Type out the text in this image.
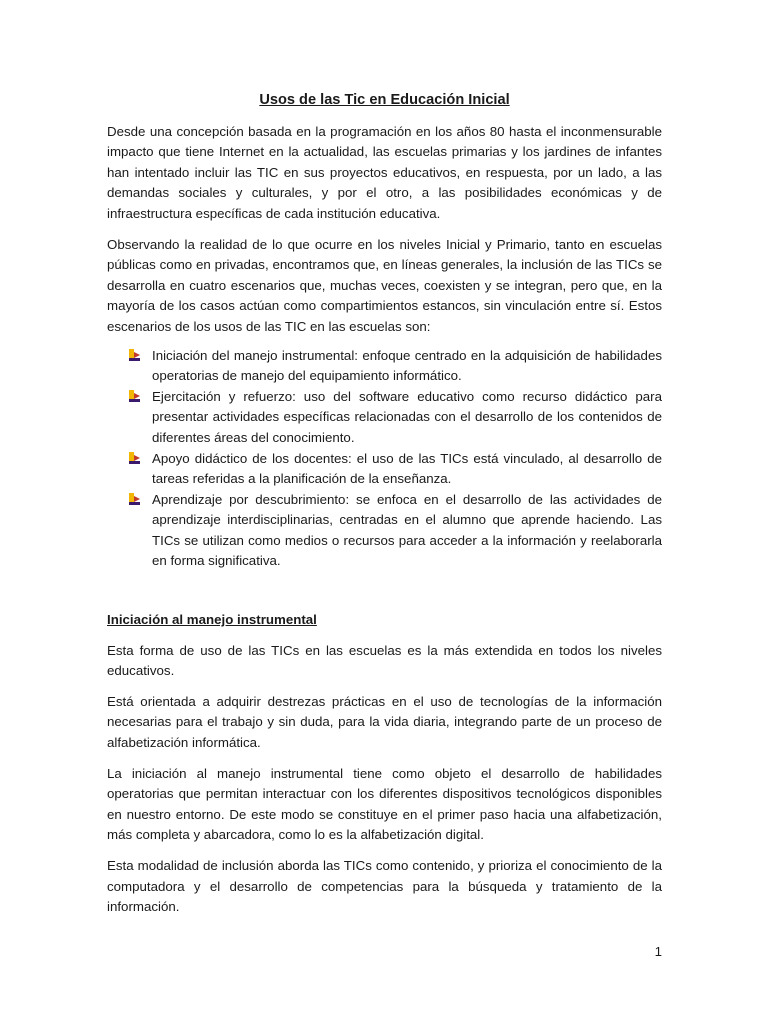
Usos de las Tic en Educación Inicial

Desde una concepción basada en la programación en los años 80 hasta el inconmensurable impacto que tiene Internet en la actualidad, las escuelas primarias y los jardines de infantes han intentado incluir las TIC en sus proyectos educativos, en respuesta, por un lado, a las demandas sociales y culturales, y por el otro, a las posibilidades económicas y de infraestructura específicas de cada institución educativa.

Observando la realidad de lo que ocurre en los niveles Inicial y Primario, tanto en escuelas públicas como en privadas, encontramos que, en líneas generales, la inclusión de las TICs se desarrolla en cuatro escenarios que, muchas veces, coexisten y se integran, pero que, en la mayoría de los casos actúan como compartimientos estancos, sin vinculación entre sí. Estos escenarios de los usos de las TIC en las escuelas son:

Iniciación del manejo instrumental: enfoque centrado en la adquisición de habilidades operatorias de manejo del equipamiento informático.
Ejercitación y refuerzo: uso del software educativo como recurso didáctico para presentar actividades específicas relacionadas con el desarrollo de los contenidos de diferentes áreas del conocimiento.
Apoyo didáctico de los docentes: el uso de las TICs está vinculado, al desarrollo de tareas referidas a la planificación de la enseñanza.
Aprendizaje por descubrimiento: se enfoca en el desarrollo de las actividades de aprendizaje interdisciplinarias, centradas en el alumno que aprende haciendo. Las TICs se utilizan como medios o recursos para acceder a la información y reelaborarla en forma significativa.
Iniciación al manejo instrumental

Esta forma de uso de las TICs en las escuelas es la más extendida en todos los niveles educativos.

Está orientada a adquirir destrezas prácticas en el uso de tecnologías de la información necesarias para el trabajo y sin duda, para la vida diaria, integrando parte de un proceso de alfabetización informática.

La iniciación al manejo instrumental tiene como objeto el desarrollo de habilidades operatorias que permitan interactuar con los diferentes dispositivos tecnológicos disponibles en nuestro entorno. De este modo se constituye en el primer paso hacia una alfabetización, más completa y abarcadora, como lo es la alfabetización digital.

Esta modalidad de inclusión aborda las TICs como contenido, y prioriza el conocimiento de la computadora y el desarrollo de competencias para la búsqueda y tratamiento de la información.

1
